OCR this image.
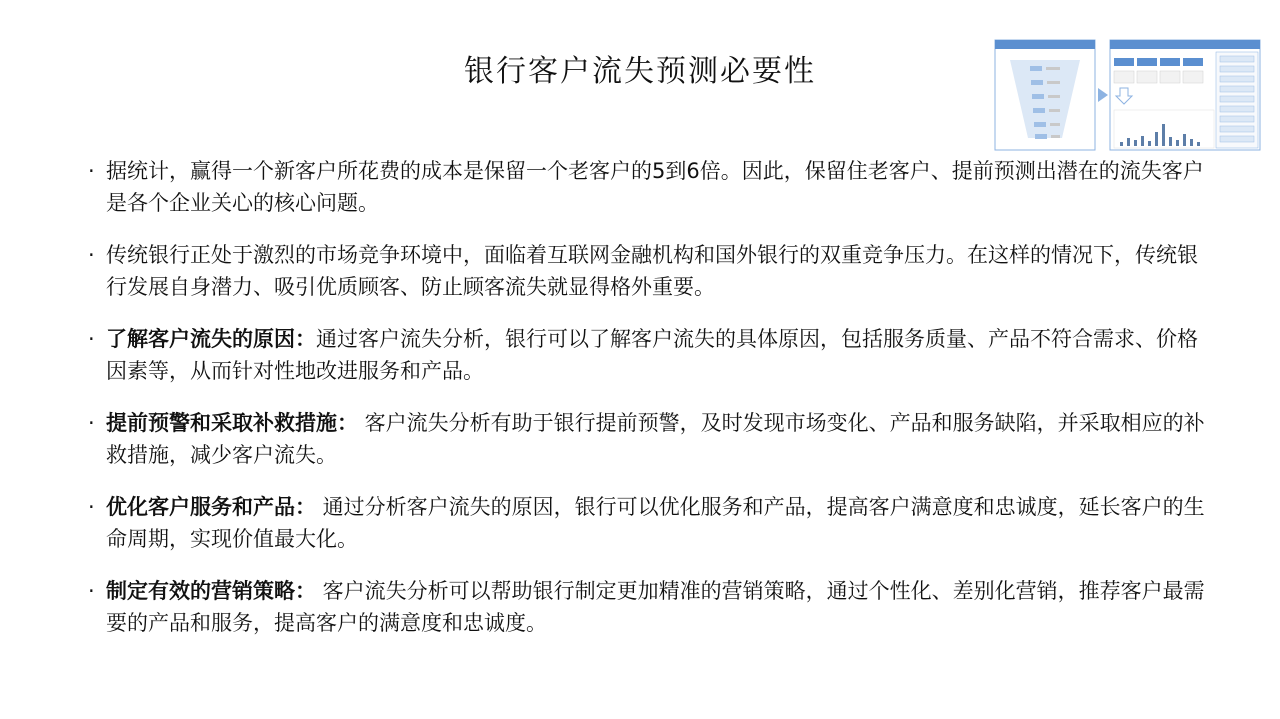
银行客户流失预测必要性
· 据统计，赢得一个新客户所花费的成本是保留一个老客户的5到6倍。因此，保留住老客户、提前预测出潜在的流失客户是各个企业关心的核心问题。
· 传统银行正处于激烈的市场竞争环境中，面临着互联网金融机构和国外银行的双重竞争压力。在这样的情况下，传统银行发展自身潜力、吸引优质顾客、防止顾客流失就显得格外重要。
· 了解客户流失的原因：通过客户流失分析，银行可以了解客户流失的具体原因，包括服务质量、产品不符合需求、价格因素等，从而针对性地改进服务和产品。
· 提前预警和采取补救措施： 客户流失分析有助于银行提前预警，及时发现市场变化、产品和服务缺陷，并采取相应的补救措施，减少客户流失。
· 优化客户服务和产品： 通过分析客户流失的原因，银行可以优化服务和产品，提高客户满意度和忠诚度，延长客户的生命周期，实现价值最大化。
· 制定有效的营销策略： 客户流失分析可以帮助银行制定更加精准的营销策略，通过个性化、差别化营销，推荐客户最需要的产品和服务，提高客户的满意度和忠诚度。
